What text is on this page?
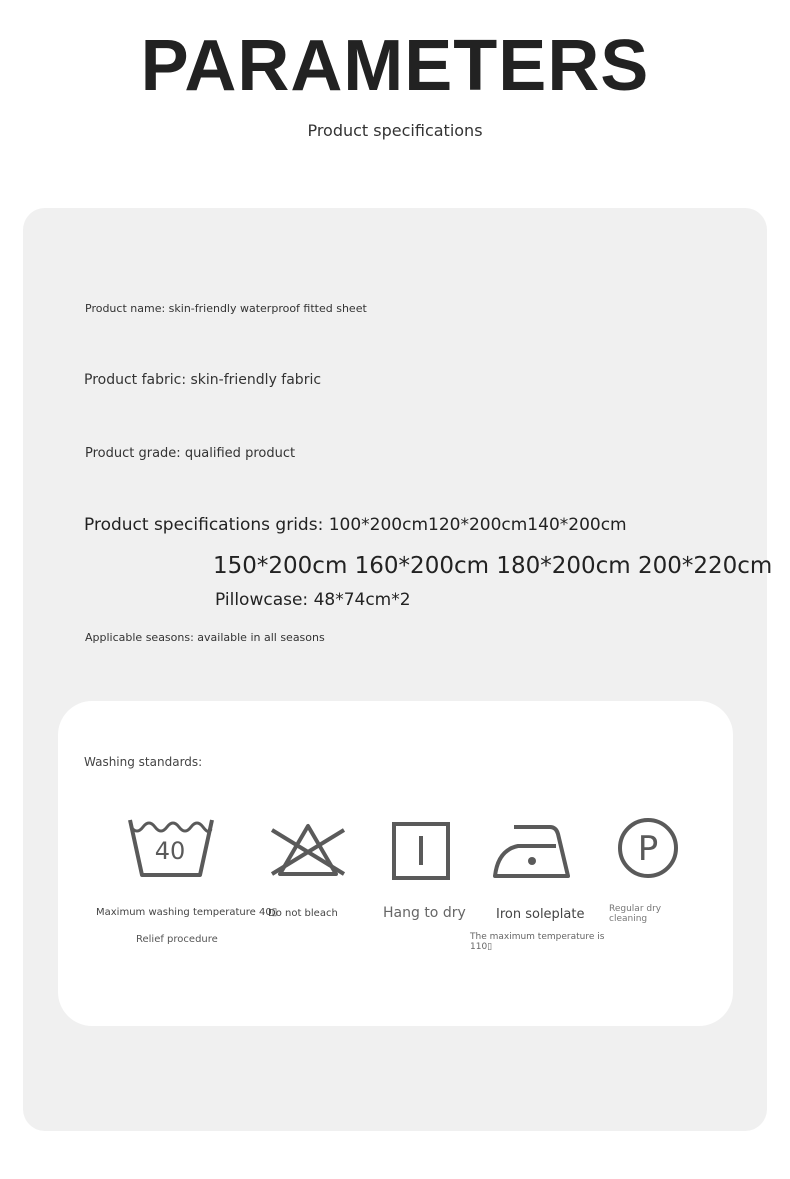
PARAMETERS
Product specifications
Product name: skin-friendly waterproof fitted sheet
Product fabric: skin-friendly fabric
Product grade: qualified product
Product specifications grids: 100*200cm120*200cm140*200cm
150*200cm 160*200cm 180*200cm 200*220cm
Pillowcase: 48*74cm*2
Applicable seasons: available in all seasons
Washing standards:
40	P
Maximum washing temperature 40▯
Relief procedure
Do not bleach	Hang to dry Iron soleplate
The maximum temperature is
110▯
Regular dry
cleaning
